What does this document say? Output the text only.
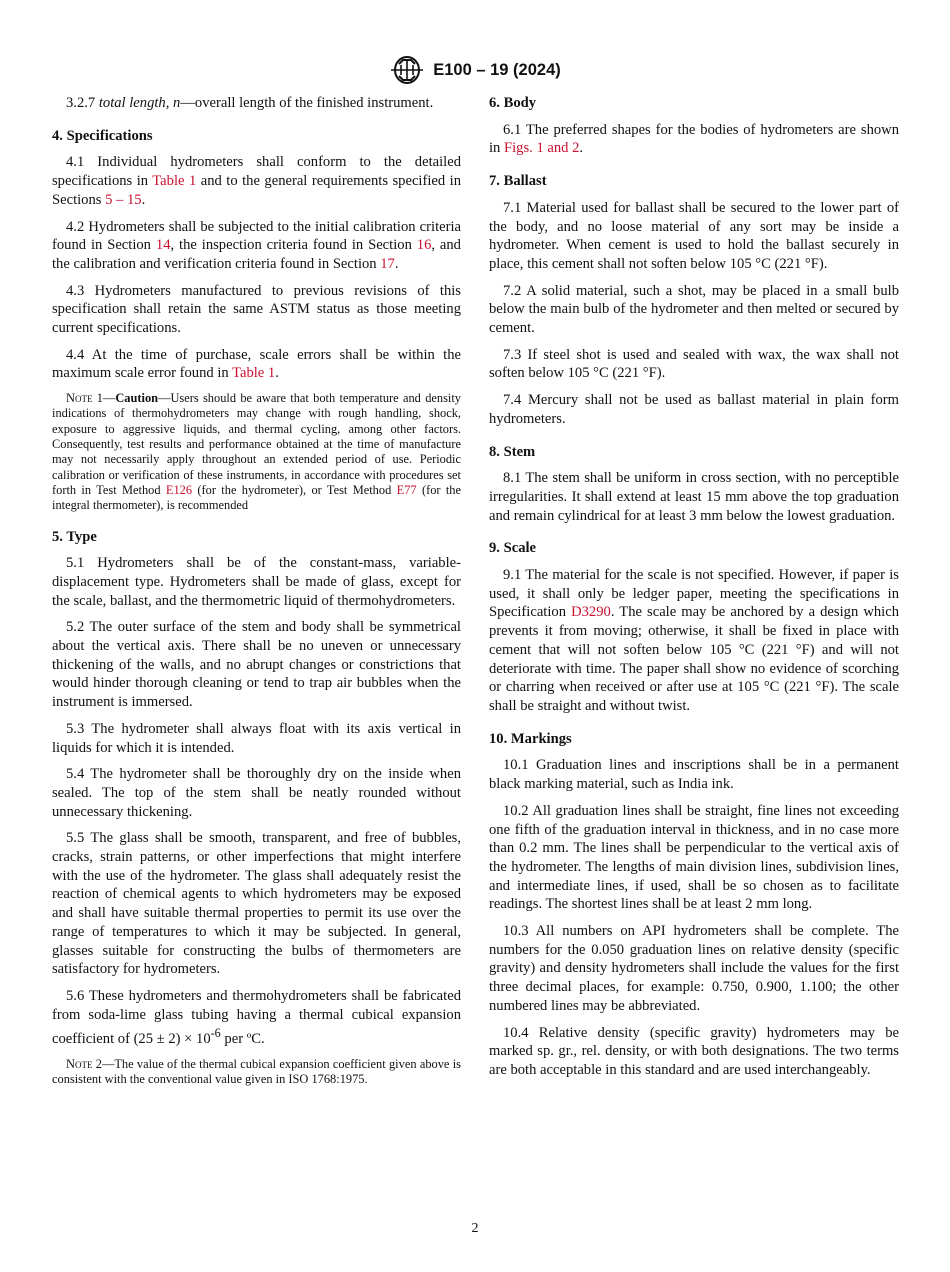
E100 – 19 (2024)

3.2.7 total length, n—overall length of the finished instrument.

4. Specifications

4.1 Individual hydrometers shall conform to the detailed specifications in Table 1 and to the general requirements specified in Sections 5 – 15.

4.2 Hydrometers shall be subjected to the initial calibration criteria found in Section 14, the inspection criteria found in Section 16, and the calibration and verification criteria found in Section 17.

4.3 Hydrometers manufactured to previous revisions of this specification shall retain the same ASTM status as those meeting current specifications.

4.4 At the time of purchase, scale errors shall be within the maximum scale error found in Table 1.

Note 1—Caution—Users should be aware that both temperature and density indications of thermohydrometers may change with rough handling, shock, exposure to aggressive liquids, and thermal cycling, among other factors. Consequently, test results and performance obtained at the time of manufacture may not necessarily apply throughout an extended period of use. Periodic calibration or verification of these instruments, in accordance with procedures set forth in Test Method E126 (for the hydrometer), or Test Method E77 (for the integral thermometer), is recommended

5. Type

5.1 Hydrometers shall be of the constant-mass, variable-displacement type. Hydrometers shall be made of glass, except for the scale, ballast, and the thermometric liquid of thermohydrometers.

5.2 The outer surface of the stem and body shall be symmetrical about the vertical axis. There shall be no uneven or unnecessary thickening of the walls, and no abrupt changes or constrictions that would hinder thorough cleaning or tend to trap air bubbles when the instrument is immersed.

5.3 The hydrometer shall always float with its axis vertical in liquids for which it is intended.

5.4 The hydrometer shall be thoroughly dry on the inside when sealed. The top of the stem shall be neatly rounded without unnecessary thickening.

5.5 The glass shall be smooth, transparent, and free of bubbles, cracks, strain patterns, or other imperfections that might interfere with the use of the hydrometer. The glass shall adequately resist the reaction of chemical agents to which hydrometers may be exposed and shall have suitable thermal properties to permit its use over the range of temperatures to which it may be subjected. In general, glasses suitable for constructing the bulbs of thermometers are satisfactory for hydrometers.

5.6 These hydrometers and thermohydrometers shall be fabricated from soda-lime glass tubing having a thermal cubical expansion coefficient of $(25 \pm 2) \times 10^{-6}$ per ºC.

Note 2—The value of the thermal cubical expansion coefficient given above is consistent with the conventional value given in ISO 1768:1975.

6. Body

6.1 The preferred shapes for the bodies of hydrometers are shown in Figs. 1 and 2.

7. Ballast

7.1 Material used for ballast shall be secured to the lower part of the body, and no loose material of any sort may be inside a hydrometer. When cement is used to hold the ballast securely in place, this cement shall not soften below 105 °C (221 °F).

7.2 A solid material, such a shot, may be placed in a small bulb below the main bulb of the hydrometer and then melted or secured by cement.

7.3 If steel shot is used and sealed with wax, the wax shall not soften below 105 °C (221 °F).

7.4 Mercury shall not be used as ballast material in plain form hydrometers.

8. Stem

8.1 The stem shall be uniform in cross section, with no perceptible irregularities. It shall extend at least 15 mm above the top graduation and remain cylindrical for at least 3 mm below the lowest graduation.

9. Scale

9.1 The material for the scale is not specified. However, if paper is used, it shall only be ledger paper, meeting the specifications in Specification D3290. The scale may be anchored by a design which prevents it from moving; otherwise, it shall be fixed in place with cement that will not soften below 105 °C (221 °F) and will not deteriorate with time. The paper shall show no evidence of scorching or charring when received or after use at 105 °C (221 °F). The scale shall be straight and without twist.

10. Markings

10.1 Graduation lines and inscriptions shall be in a permanent black marking material, such as India ink.

10.2 All graduation lines shall be straight, fine lines not exceeding one fifth of the graduation interval in thickness, and in no case more than 0.2 mm. The lines shall be perpendicular to the vertical axis of the hydrometer. The lengths of main division lines, subdivision lines, and intermediate lines, if used, shall be so chosen as to facilitate readings. The shortest lines shall be at least 2 mm long.

10.3 All numbers on API hydrometers shall be complete. The numbers for the 0.050 graduation lines on relative density (specific gravity) and density hydrometers shall include the values for the first three decimal places, for example: 0.750, 0.900, 1.100; the other numbered lines may be abbreviated.

10.4 Relative density (specific gravity) hydrometers may be marked sp. gr., rel. density, or with both designations. The two terms are both acceptable in this standard and are used interchangeably.

2
